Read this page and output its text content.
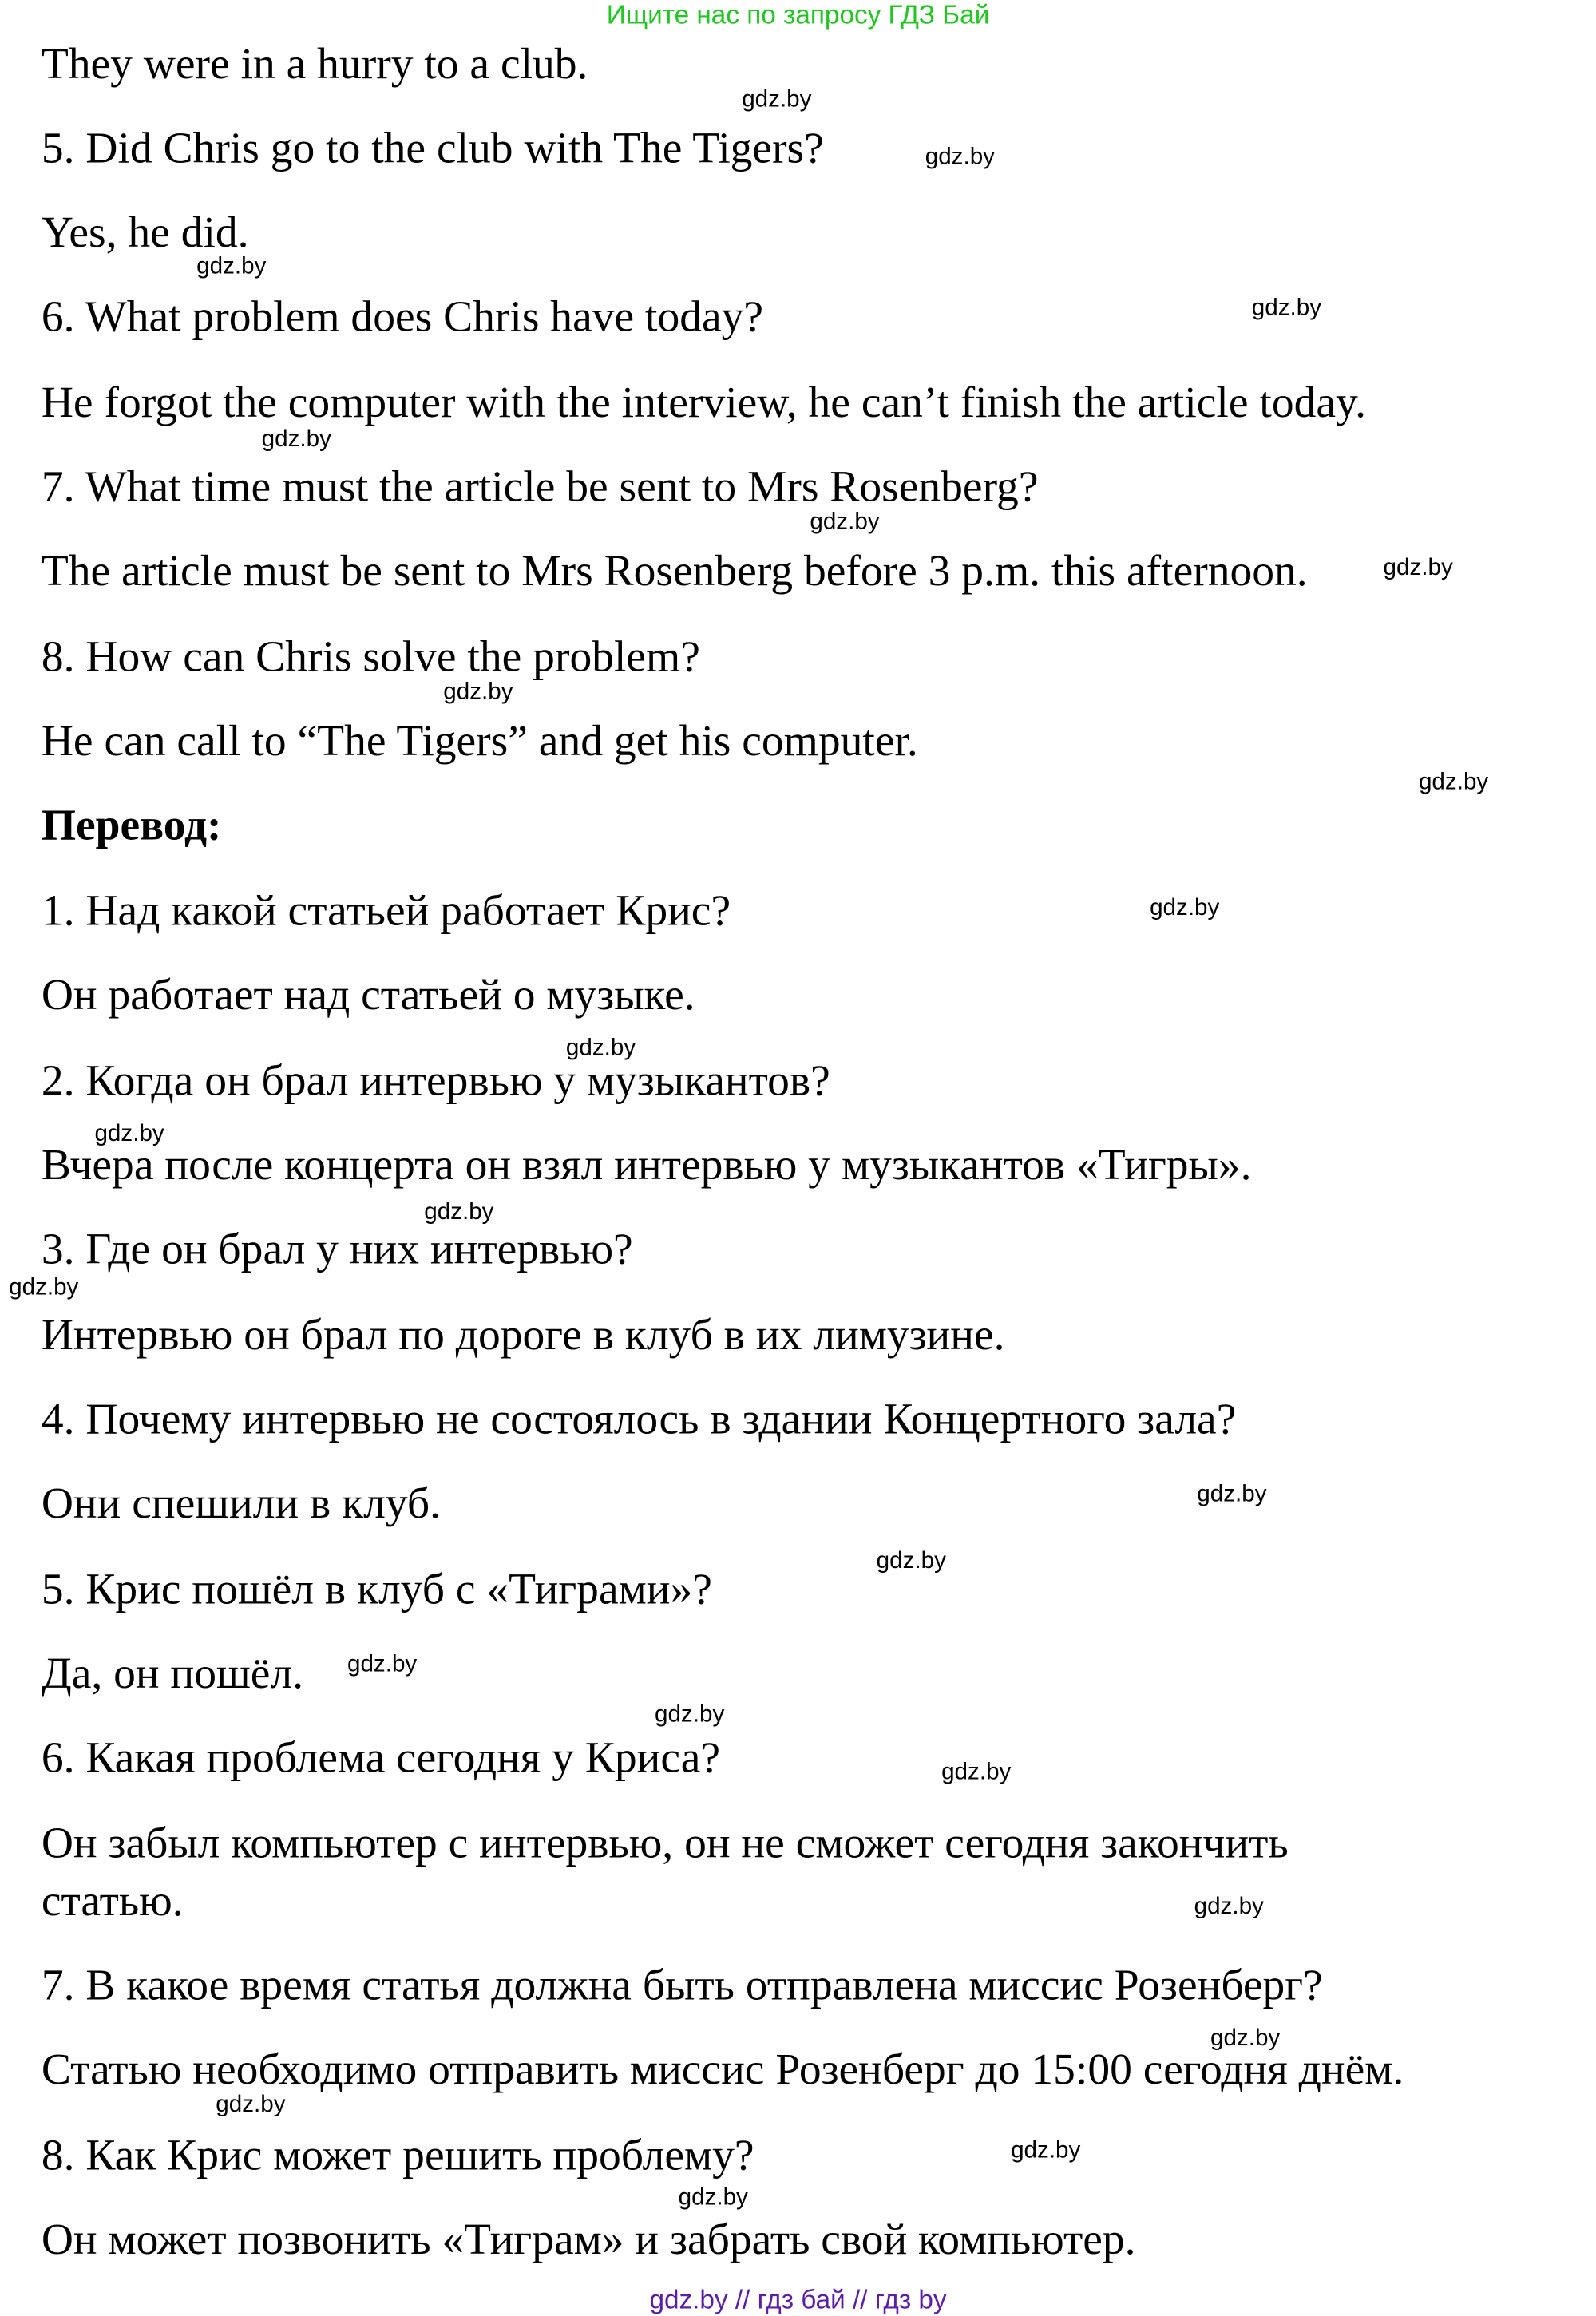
Ищите нас по запросу ГДЗ Бай
They were in a hurry to a club.
5. Did Chris go to the club with The Tigers?
Yes, he did.
6. What problem does Chris have today?
He forgot the computer with the interview, he can’t finish the article today.
7. What time must the article be sent to Mrs Rosenberg?
The article must be sent to Mrs Rosenberg before 3 p.m. this afternoon.
8. How can Chris solve the problem?
He can call to “The Tigers” and get his computer.
Перевод:
1. Над какой статьей работает Крис?
Он работает над статьей о музыке.
2. Когда он брал интервью у музыкантов?
Вчера после концерта он взял интервью у музыкантов «Тигры».
3. Где он брал у них интервью?
Интервью он брал по дороге в клуб в их лимузине.
4. Почему интервью не состоялось в здании Концертного зала?
Они спешили в клуб.
5. Крис пошёл в клуб с «Тиграми»?
Да, он пошёл.
6. Какая проблема сегодня у Криса?
Он забыл компьютер с интервью, он не сможет сегодня закончить
статью.
7. В какое время статья должна быть отправлена миссис Розенберг?
Статью необходимо отправить миссис Розенберг до 15:00 сегодня днём.
8. Как Крис может решить проблему?
Он может позвонить «Тиграм» и забрать свой компьютер.
gdz.by
gdz.by
gdz.by
gdz.by
gdz.by
gdz.by
gdz.by
gdz.by
gdz.by
gdz.by
gdz.by
gdz.by
gdz.by
gdz.by
gdz.by
gdz.by
gdz.by
gdz.by
gdz.by
gdz.by
gdz.by
gdz.by
gdz.by
gdz.by
gdz.by // гдз бай // гдз by
